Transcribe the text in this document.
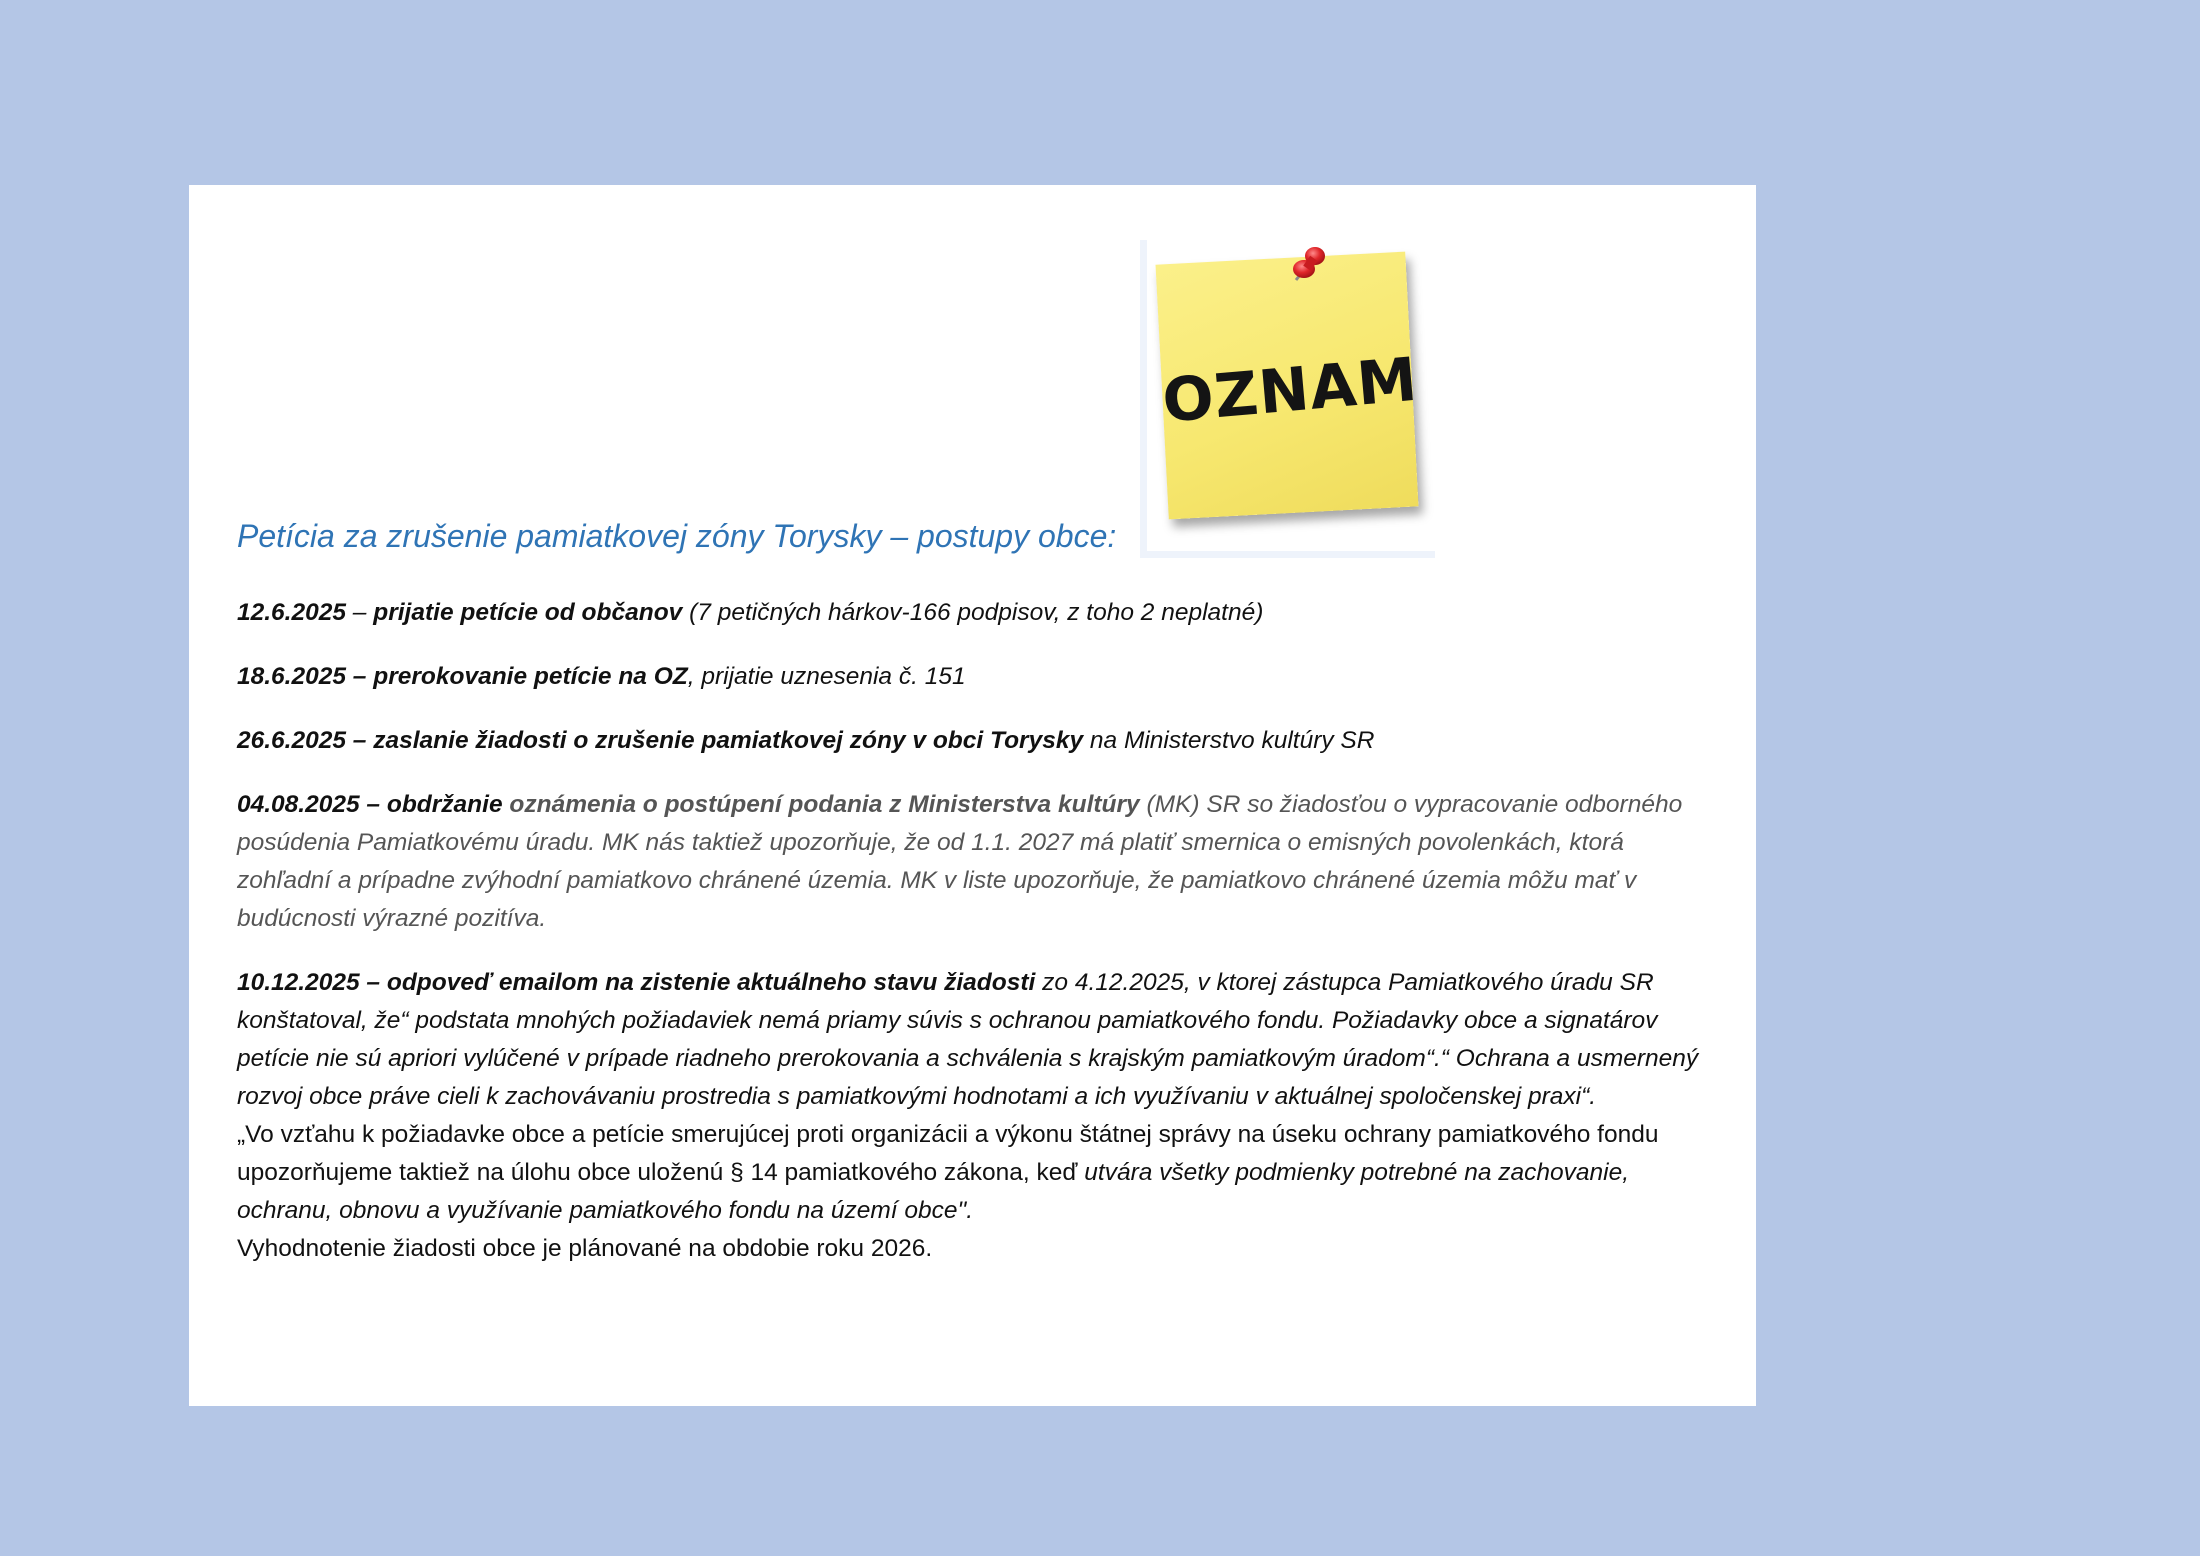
OZNAM
Petícia za zrušenie pamiatkovej zóny Torysky – postupy obce:

12.6.2025 – prijatie petície od občanov (7 petičných hárkov-166 podpisov, z toho 2 neplatné)

18.6.2025 – prerokovanie petície na OZ, prijatie uznesenia č. 151

26.6.2025 – zaslanie žiadosti o zrušenie pamiatkovej zóny v obci Torysky na Ministerstvo kultúry SR

04.08.2025 – obdržanie oznámenia o postúpení podania z Ministerstva kultúry (MK) SR so žiadosťou o vypracovanie odborného posúdenia Pamiatkovému úradu. MK nás taktiež upozorňuje, že od 1.1. 2027 má platiť smernica o emisných povolenkách, ktorá zohľadní a prípadne zvýhodní pamiatkovo chránené územia. MK v liste upozorňuje, že pamiatkovo chránené územia môžu mať v budúcnosti výrazné pozitíva.

10.12.2025 – odpoveď emailom na zistenie aktuálneho stavu žiadosti zo 4.12.2025, v ktorej zástupca Pamiatkového úradu SR konštatoval, že“ podstata mnohých požiadaviek nemá priamy súvis s ochranou pamiatkového fondu. Požiadavky obce a signatárov petície nie sú apriori vylúčené v prípade riadneho prerokovania a schválenia s krajským pamiatkovým úradom“.“ Ochrana a usmernený rozvoj obce práve cieli k zachovávaniu prostredia s pamiatkovými hodnotami a ich využívaniu v aktuálnej spoločenskej praxi“.

„Vo vzťahu k požiadavke obce a petície smerujúcej proti organizácii a výkonu štátnej správy na úseku ochrany pamiatkového fondu upozorňujeme taktiež na úlohu obce uloženú § 14 pamiatkového zákona, keď utvára všetky podmienky potrebné na zachovanie, ochranu, obnovu a využívanie pamiatkového fondu na území obce".

Vyhodnotenie žiadosti obce je plánované na obdobie roku 2026.
